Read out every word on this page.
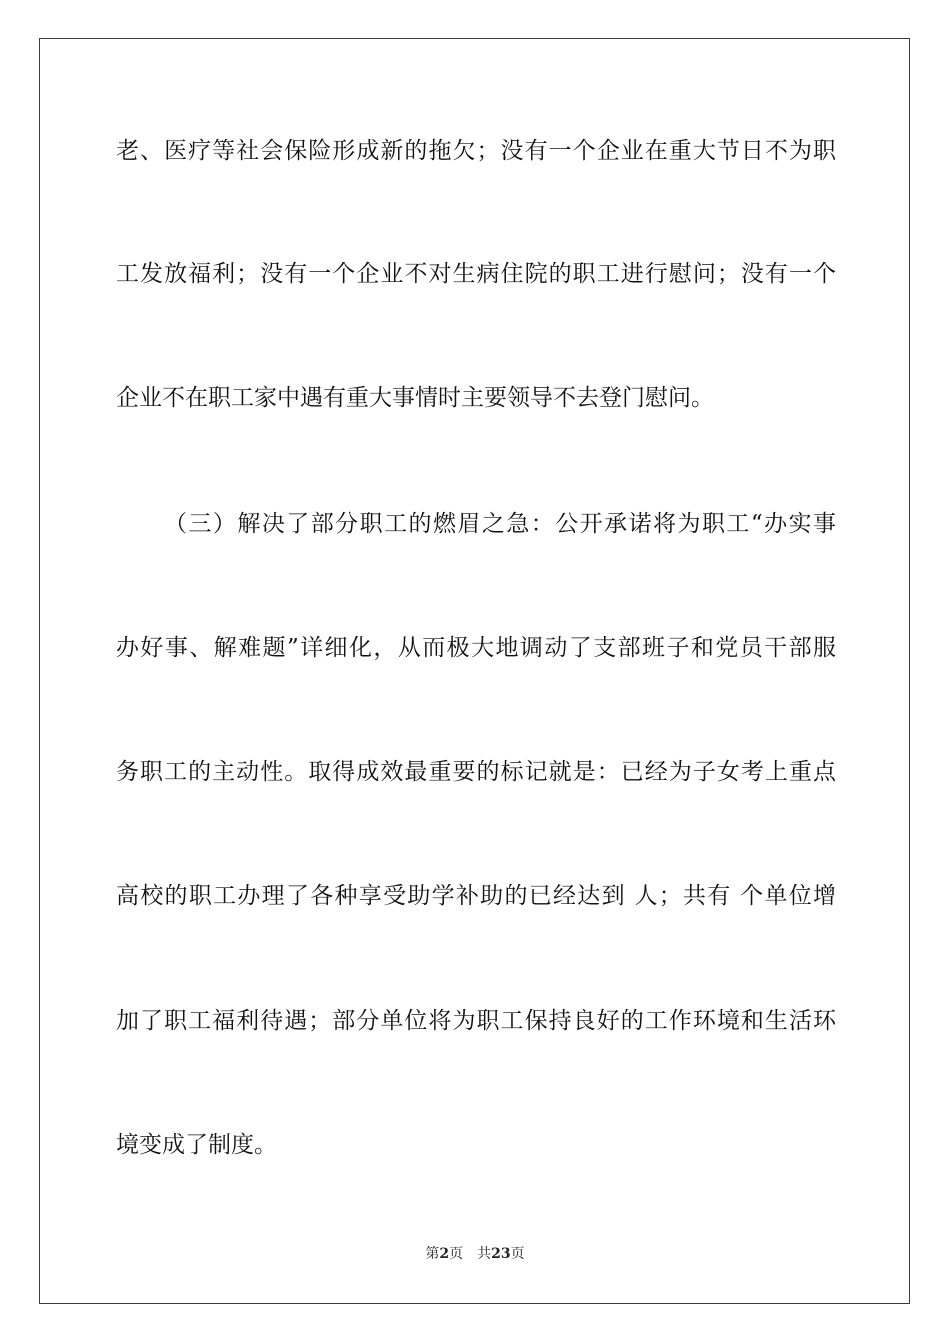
老、医疗等社会保险形成新的拖欠；没有一个企业在重大节日不为职
工发放福利；没有一个企业不对生病住院的职工进行慰问；没有一个
企业不在职工家中遇有重大事情时主要领导不去登门慰问。
（三）解决了部分职工的燃眉之急：公开承诺将为职工“办实事
办好事、解难题”详细化，从而极大地调动了支部班子和党员干部服
务职工的主动性。取得成效最重要的标记就是：已经为子女考上重点
高校的职工办理了各种享受助学补助的已经达到 人；共有 个单位增
加了职工福利待遇；部分单位将为职工保持良好的工作环境和生活环
境变成了制度。
第2页 共23页
